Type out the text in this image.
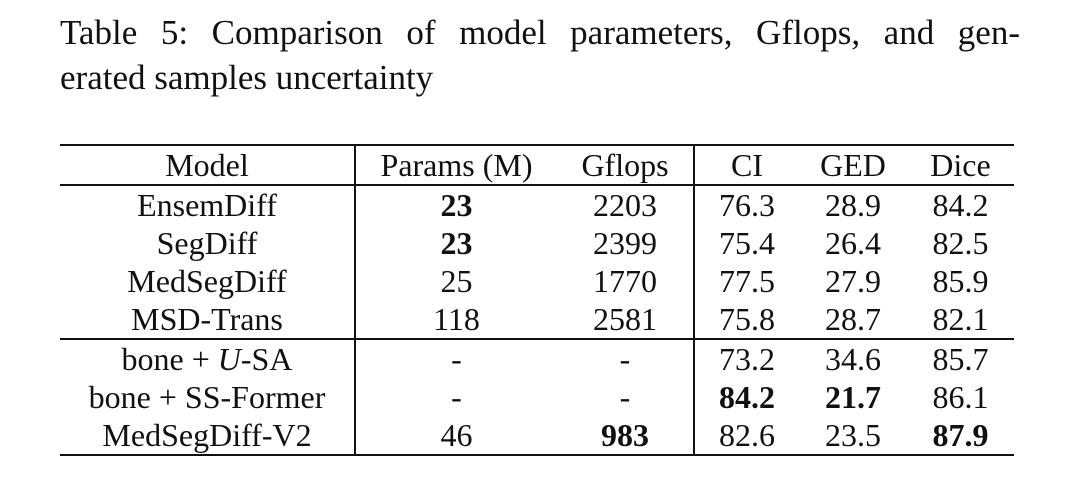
Table 5: Comparison of model parameters, Gflops, and gen-
erated samples uncertainty
Model	Params (M)	Gflops	CI	GED	Dice
EnsemDiff	23	2203	76.3	28.9	84.2
SegDiff	23	2399	75.4	26.4	82.5
MedSegDiff	25	1770	77.5	27.9	85.9
MSD-Trans	118	2581	75.8	28.7	82.1
bone + U-SA	-	-	73.2	34.6	85.7
bone + SS-Former	-	-	84.2	21.7	86.1
MedSegDiff-V2	46	983	82.6	23.5	87.9
